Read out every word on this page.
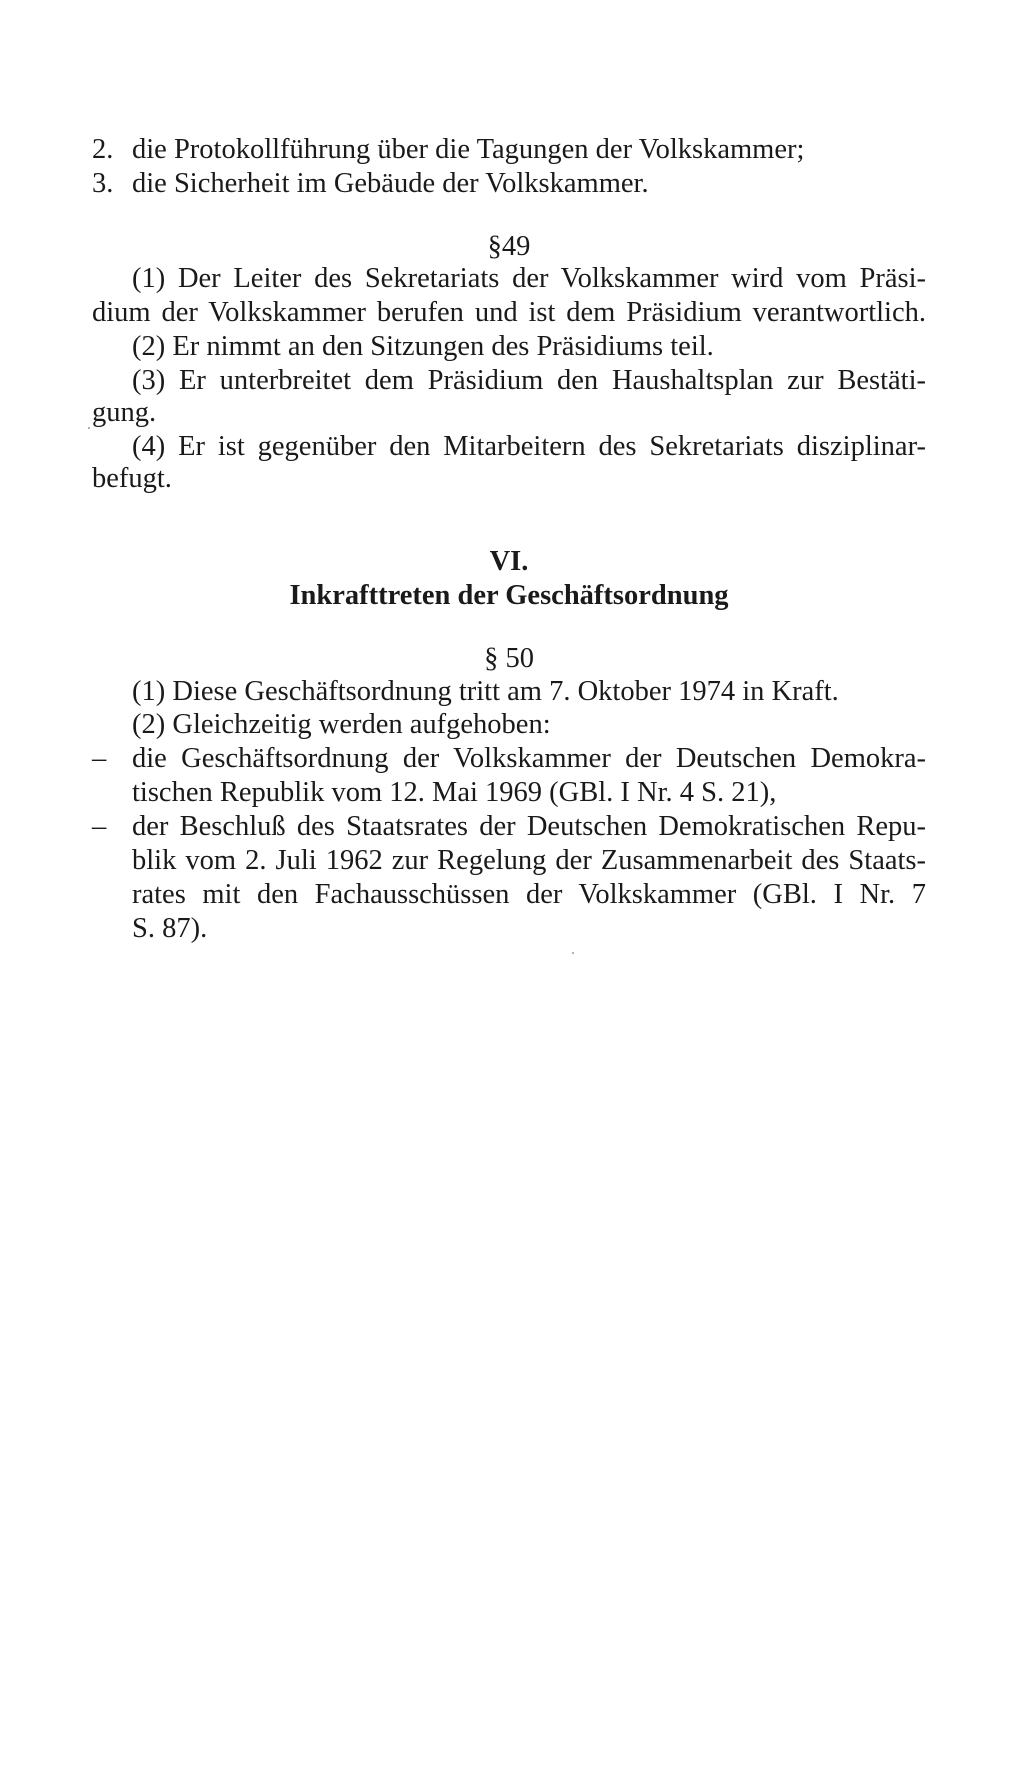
2. die Protokollführung über die Tagungen der Volkskammer;
3. die Sicherheit im Gebäude der Volkskammer.
§49
(1) Der Leiter des Sekretariats der Volkskammer wird vom Präsi-
dium der Volkskammer berufen und ist dem Präsidium verantwortlich.
(2) Er nimmt an den Sitzungen des Präsidiums teil.
(3) Er unterbreitet dem Präsidium den Haushaltsplan zur Bestäti-
gung.
(4) Er ist gegenüber den Mitarbeitern des Sekretariats disziplinar-
befugt.
VI.
Inkrafttreten der Geschäftsordnung
§ 50
(1) Diese Geschäftsordnung tritt am 7. Oktober 1974 in Kraft.
(2) Gleichzeitig werden aufgehoben:
– die Geschäftsordnung der Volkskammer der Deutschen Demokra-
tischen Republik vom 12. Mai 1969 (GBl. I Nr. 4 S. 21),
– der Beschluß des Staatsrates der Deutschen Demokratischen Repu-
blik vom 2. Juli 1962 zur Regelung der Zusammenarbeit des Staats-
rates mit den Fachausschüssen der Volkskammer (GBl. I Nr. 7
S. 87).
